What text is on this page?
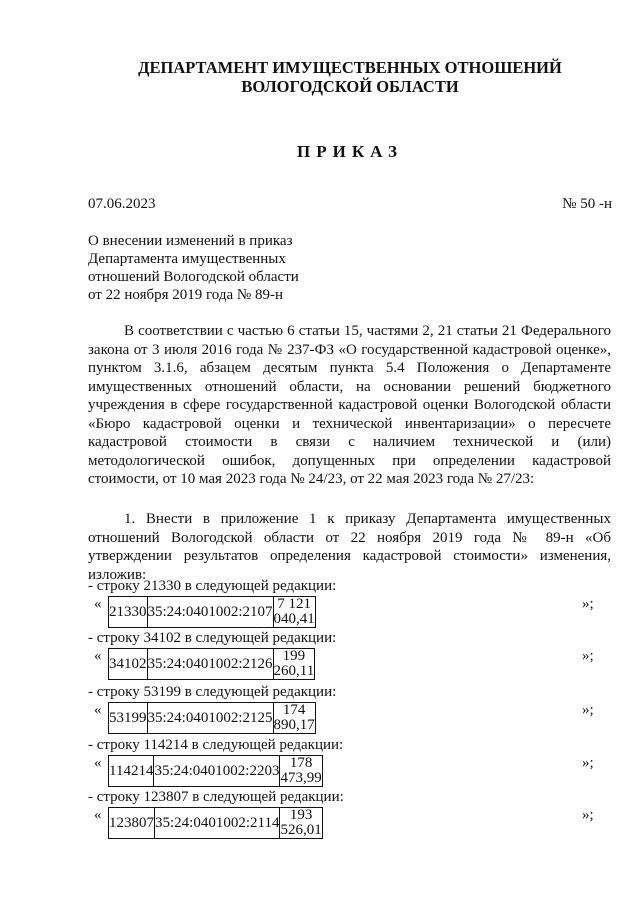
ДЕПАРТАМЕНТ ИМУЩЕСТВЕННЫХ ОТНОШЕНИЙ
ВОЛОГОДСКОЙ ОБЛАСТИ
ПРИКАЗ
07.06.2023	№ 50 -н
О внесении изменений в приказ
Департамента имущественных
отношений Вологодской области
от 22 ноября 2019 года № 89-н
В соответствии с частью 6 статьи 15, частями 2, 21 статьи 21 Федерального закона от 3 июля 2016 года № 237-ФЗ «О государственной кадастровой оценке», пунктом 3.1.6, абзацем десятым пункта 5.4 Положения о Департаменте имущественных отношений области, на основании решений бюджетного учреждения в сфере государственной кадастровой оценки Вологодской области «Бюро кадастровой оценки и технической инвентаризации» о пересчете кадастровой стоимости в связи с наличием технической и (или) методологической ошибок, допущенных при определении кадастровой стоимости, от 10 мая 2023 года № 24/23, от 22 мая 2023 года № 27/23:
1. Внести в приложение 1 к приказу Департамента имущественных отношений Вологодской области от 22 ноября 2019 года № 89-н «Об утверждении результатов определения кадастровой стоимости» изменения, изложив:
- строку 21330 в следующей редакции:
« 21330	35:24:0401002:2107	7 121 040,41
»;
- строку 34102 в следующей редакции:
« 34102	35:24:0401002:2126	199 260,11
»;
- строку 53199 в следующей редакции:
« 53199	35:24:0401002:2125	174 890,17
»;
- строку 114214 в следующей редакции:
« 114214	35:24:0401002:2203	178 473,99
»;
- строку 123807 в следующей редакции:
« 123807	35:24:0401002:2114	193 526,01
»;
